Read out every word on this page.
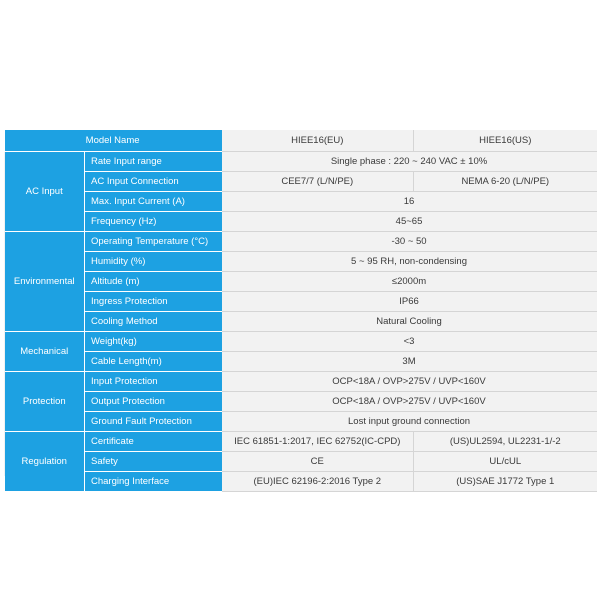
Model Name		HIEE16(EU)	HIEE16(US)
AC Input	Rate Input range	Single phase : 220 ~ 240 VAC ± 10%	
	AC Input Connection	CEE7/7 (L/N/PE)	NEMA 6-20 (L/N/PE)
	Max. Input Current (A)	16	
	Frequency (Hz)	45~65	
Environmental	Operating Temperature (°C)	-30 ~ 50	
	Humidity (%)	5 ~ 95 RH, non-condensing	
	Altitude (m)	≤2000m	
	Ingress Protection	IP66	
	Cooling Method	Natural Cooling	
Mechanical	Weight(kg)	<3	
	Cable Length(m)	3M	
Protection	Input Protection	OCP<18A / OVP>275V / UVP<160V	
	Output Protection	OCP<18A / OVP>275V / UVP<160V	
	Ground Fault Protection	Lost input ground connection	
Regulation	Certificate	IEC 61851-1:2017, IEC 62752(IC-CPD)	(US)UL2594, UL2231-1/-2
	Safety	CE	UL/cUL
	Charging Interface	(EU)IEC 62196-2:2016 Type 2	(US)SAE J1772 Type 1
